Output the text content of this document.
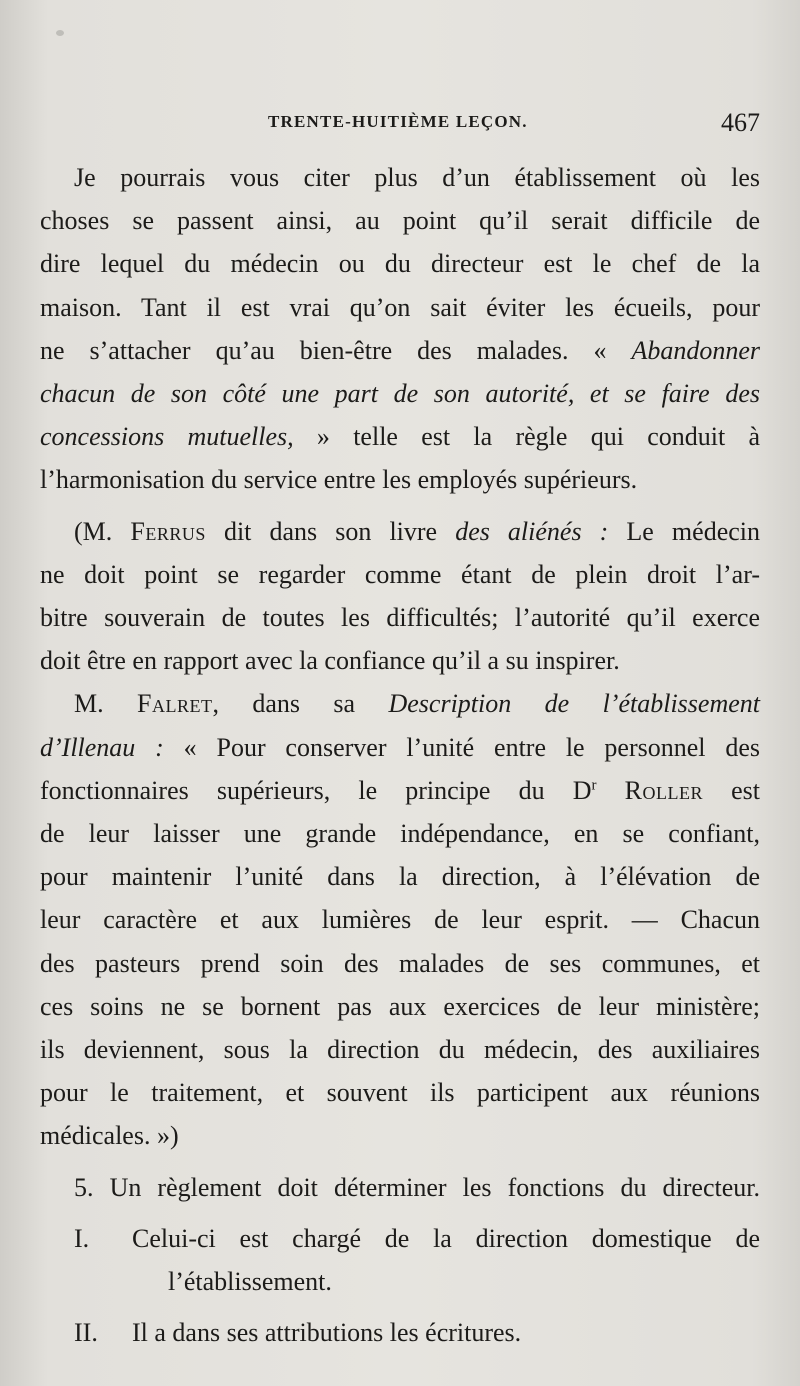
TRENTE-HUITIÈME LEÇON.	467
Je pourrais vous citer plus d’un établissement où les
choses se passent ainsi, au point qu’il serait difficile de
dire lequel du médecin ou du directeur est le chef de la
maison. Tant il est vrai qu’on sait éviter les écueils, pour
ne s’attacher qu’au bien-être des malades. « Abandonner
chacun de son côté une part de son autorité, et se faire des
concessions mutuelles, » telle est la règle qui conduit à
l’harmonisation du service entre les employés supérieurs.
(M. Ferrus dit dans son livre des aliénés : Le médecin
ne doit point se regarder comme étant de plein droit l’ar-
bitre souverain de toutes les difficultés; l’autorité qu’il exerce
doit être en rapport avec la confiance qu’il a su inspirer.
M. Falret, dans sa Description de l’établissement
d’Illenau : « Pour conserver l’unité entre le personnel des
fonctionnaires supérieurs, le principe du $D^r$ Roller est
de leur laisser une grande indépendance, en se confiant,
pour maintenir l’unité dans la direction, à l’élévation de
leur caractère et aux lumières de leur esprit. — Chacun
des pasteurs prend soin des malades de ses communes, et
ces soins ne se bornent pas aux exercices de leur ministère;
ils deviennent, sous la direction du médecin, des auxiliaires
pour le traitement, et souvent ils participent aux réunions
médicales. »)
5. Un règlement doit déterminer les fonctions du directeur.
I.	Celui-ci est chargé de la direction domestique de
l’établissement.
II.	Il a dans ses attributions les écritures.
